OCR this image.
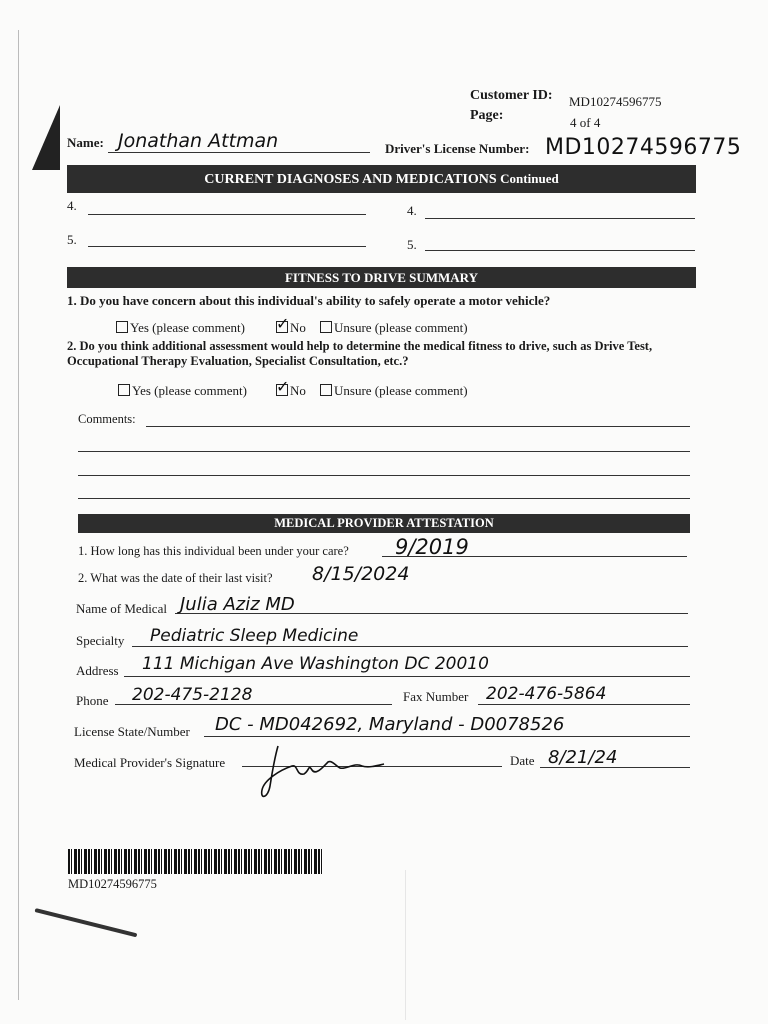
Customer ID: MD10274596775
Page:	4 of 4
Name: Jonathan Attman	Driver's License Number: MD10274596775
CURRENT DIAGNOSES AND MEDICATIONS Continued
4.	4.
5.	5.
FITNESS TO DRIVE SUMMARY
1. Do you have concern about this individual's ability to safely operate a motor vehicle?
Yes (please comment) ✓	No	Unsure (please comment)
2. Do you think additional assessment would help to determine the medical fitness to drive, such as Drive Test, Occupational Therapy Evaluation, Specialist Consultation, etc.?
Yes (please comment) ✓	No	Unsure (please comment)
Comments:
MEDICAL PROVIDER ATTESTATION
1. How long has this individual been under your care? 9/2019
2. What was the date of their last visit? 8/15/2024
Name of Medical Julia Aziz MD
Specialty Pediatric Sleep Medicine
Address 111 Michigan Ave Washington DC 20010
Phone 202-475-2128	Fax Number 202-476-5864
License State/Number DC - MD042692, Maryland - D0078526
Medical Provider's Signature	Date 8/21/24
MD10274596775
